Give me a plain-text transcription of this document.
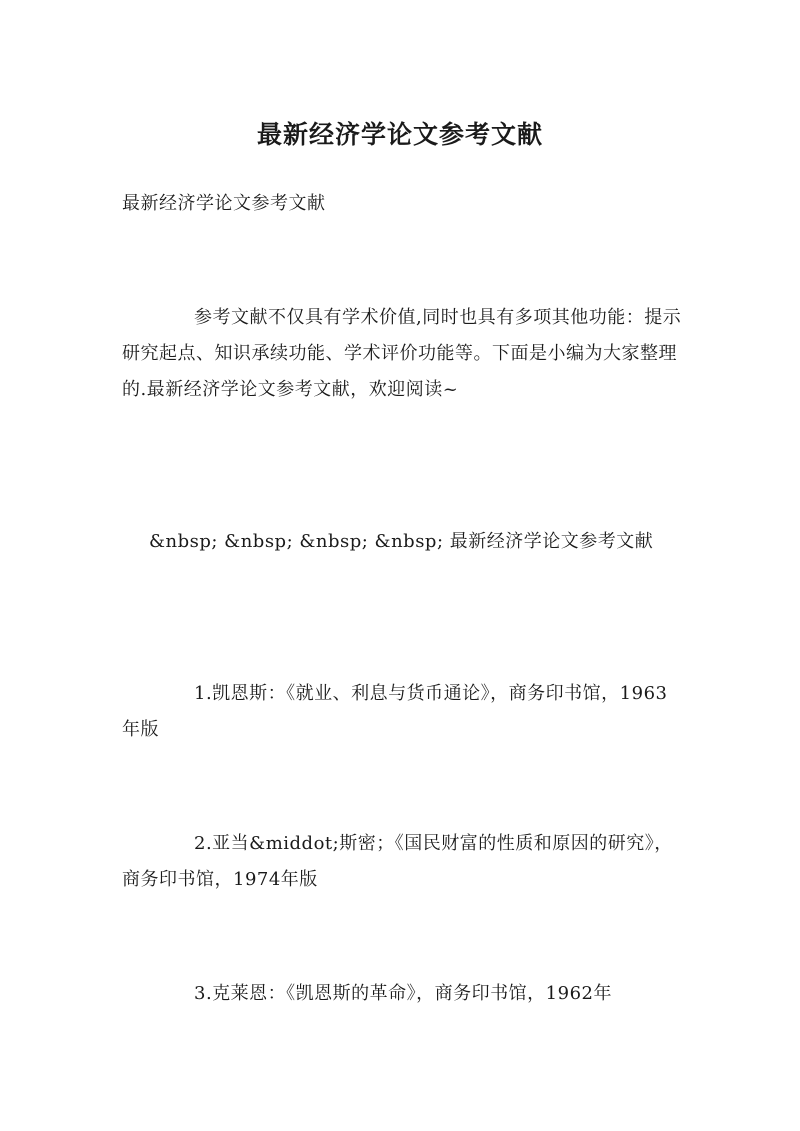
最新经济学论文参考文献

最新经济学论文参考文献

参考文献不仅具有学术价值,同时也具有多项其他功能：提示研究起点、知识承续功能、学术评价功能等。下面是小编为大家整理的.最新经济学论文参考文献，欢迎阅读~

&nbsp; &nbsp; &nbsp; &nbsp; 最新经济学论文参考文献

1.凯恩斯：《就业、利息与货币通论》，商务印书馆，1963年版

2.亚当&middot;斯密；《国民财富的性质和原因的研究》，商务印书馆，1974年版

3.克莱恩：《凯恩斯的革命》，商务印书馆，1962年
